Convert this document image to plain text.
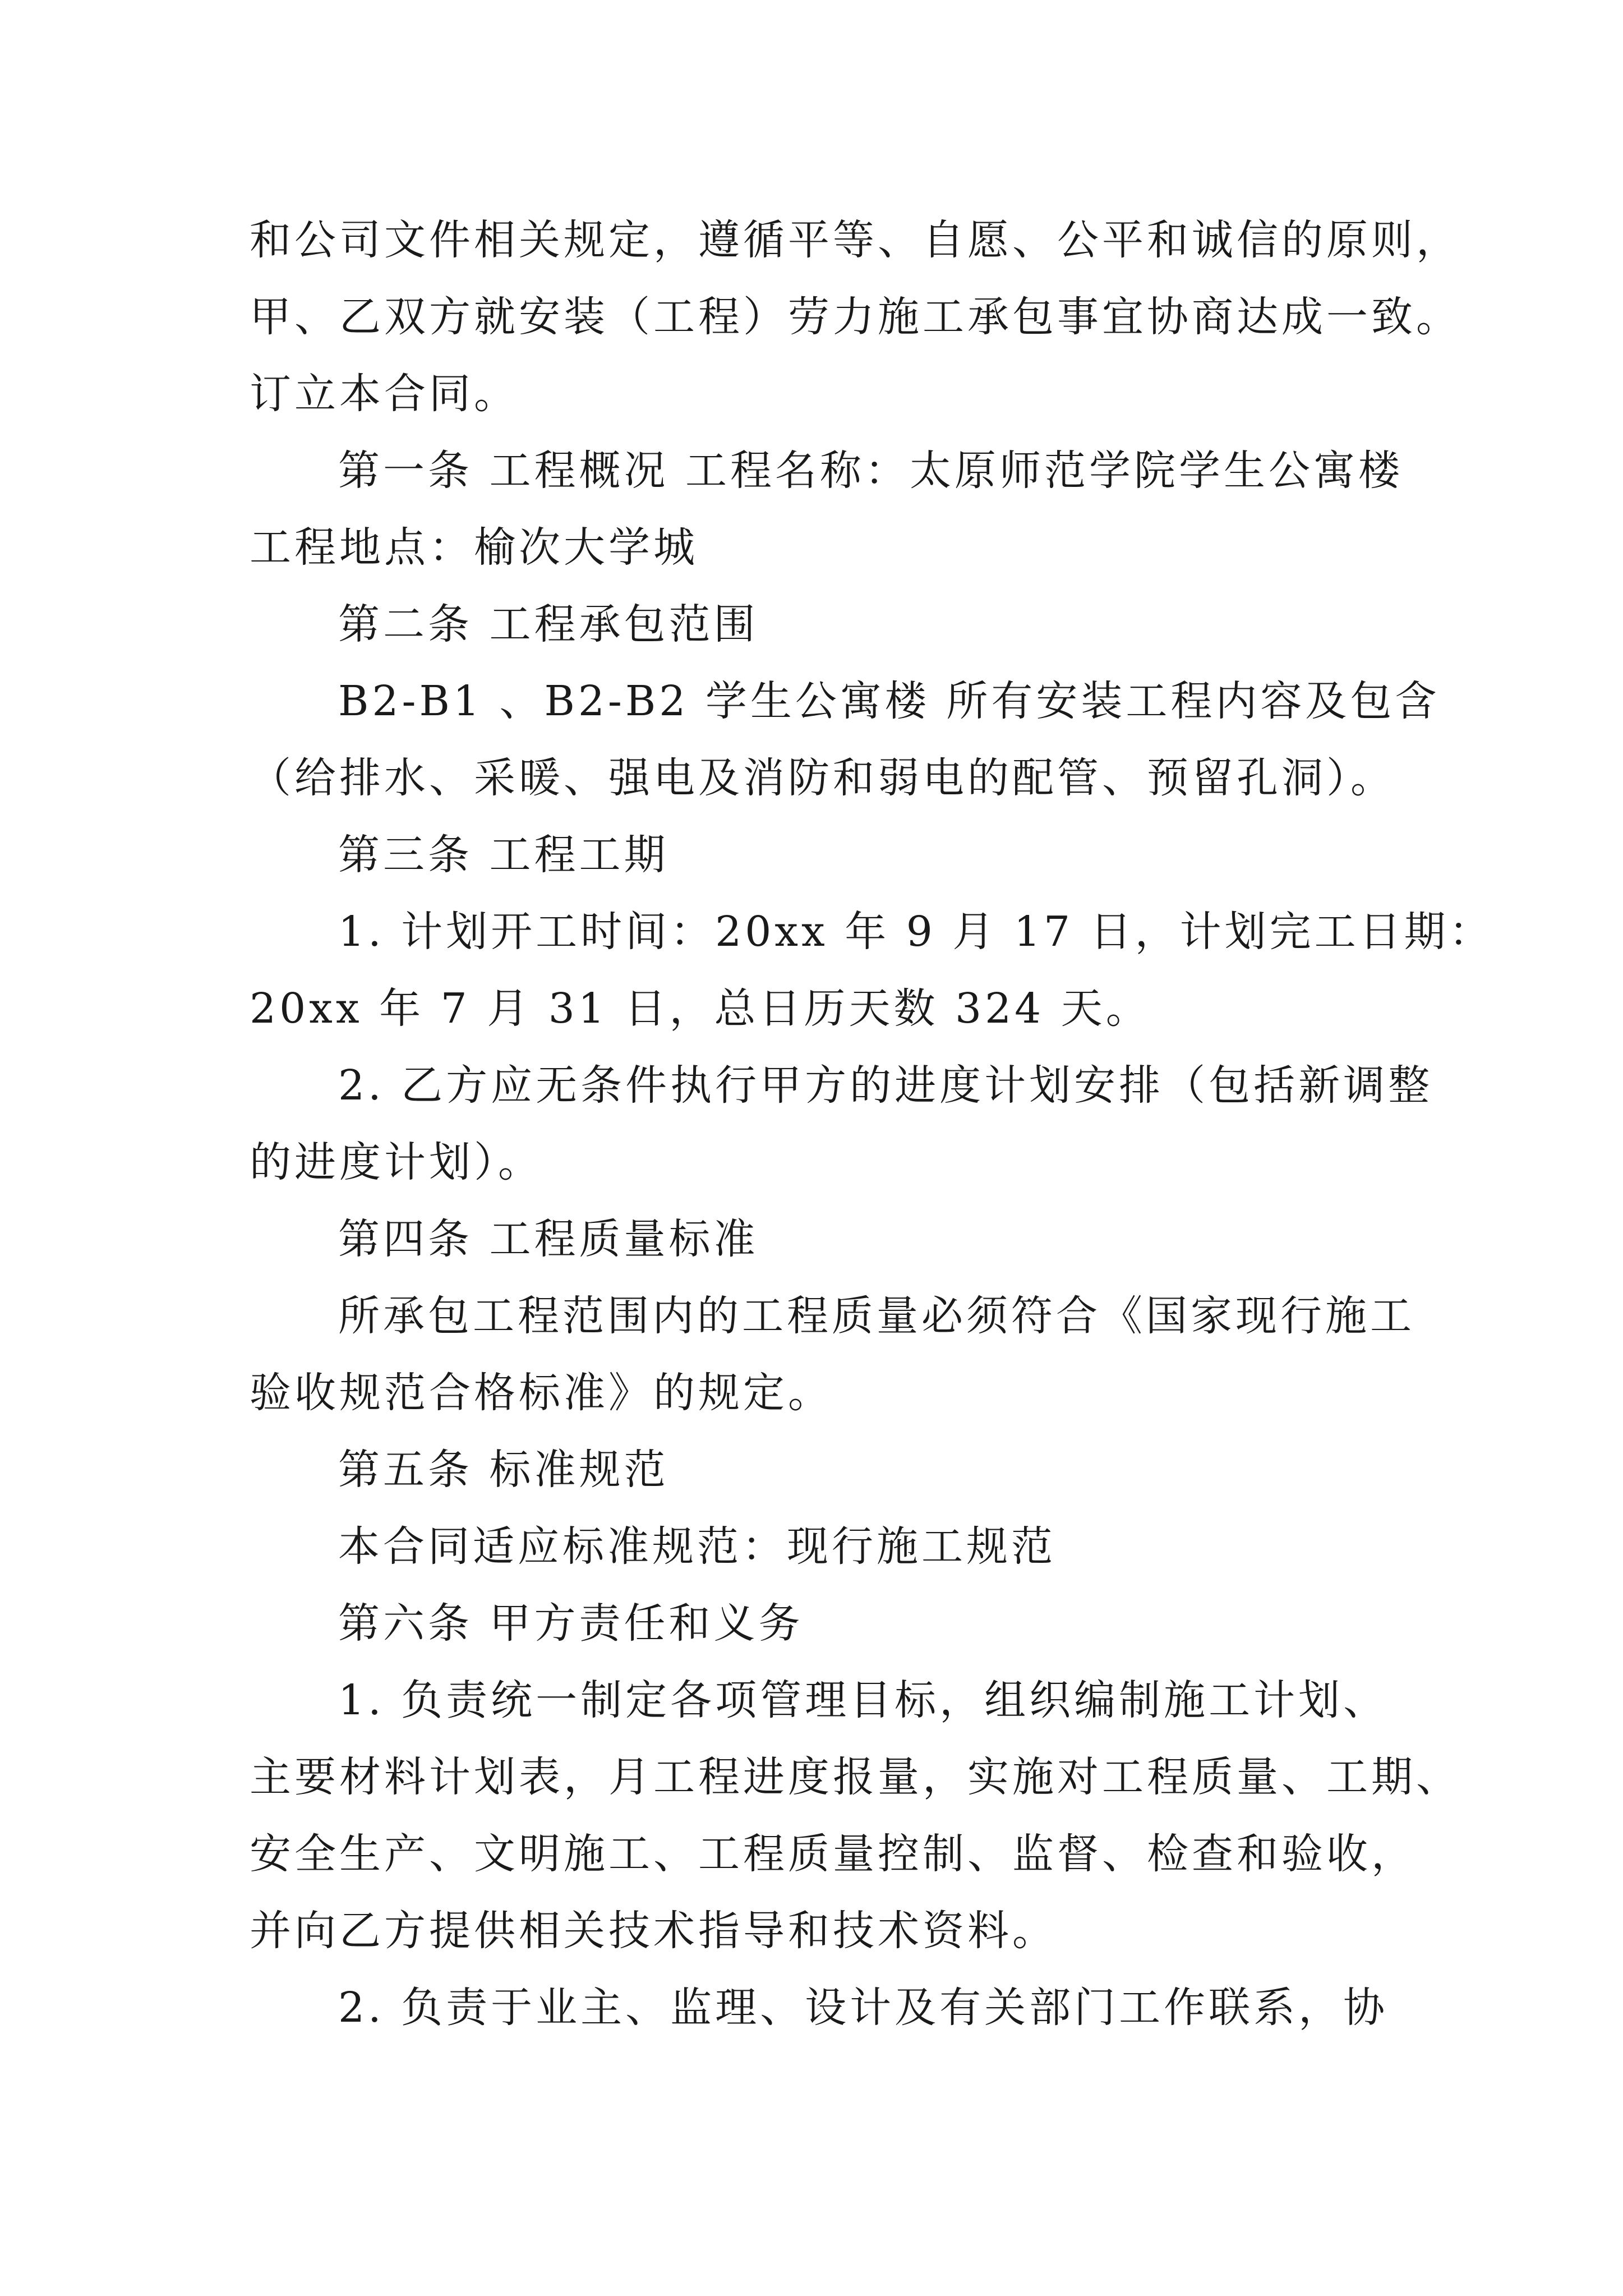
和公司文件相关规定，遵循平等、自愿、公平和诚信的原则，
甲、乙双方就安装（工程）劳力施工承包事宜协商达成一致。
订立本合同。
第一条 工程概况 工程名称：太原师范学院学生公寓楼
工程地点：榆次大学城
第二条 工程承包范围
B2-B1 、B2-B2 学生公寓楼 所有安装工程内容及包含
（给排水、采暖、强电及消防和弱电的配管、预留孔洞）。
第三条 工程工期
1. 计划开工时间：20xx 年 9 月 17 日，计划完工日期：
20xx 年 7 月 31 日，总日历天数 324 天。
2. 乙方应无条件执行甲方的进度计划安排（包括新调整
的进度计划）。
第四条 工程质量标准
所承包工程范围内的工程质量必须符合《国家现行施工
验收规范合格标准》的规定。
第五条 标准规范
本合同适应标准规范：现行施工规范
第六条 甲方责任和义务
1. 负责统一制定各项管理目标，组织编制施工计划、
主要材料计划表，月工程进度报量，实施对工程质量、工期、
安全生产、文明施工、工程质量控制、监督、检查和验收，
并向乙方提供相关技术指导和技术资料。
2. 负责于业主、监理、设计及有关部门工作联系，协
